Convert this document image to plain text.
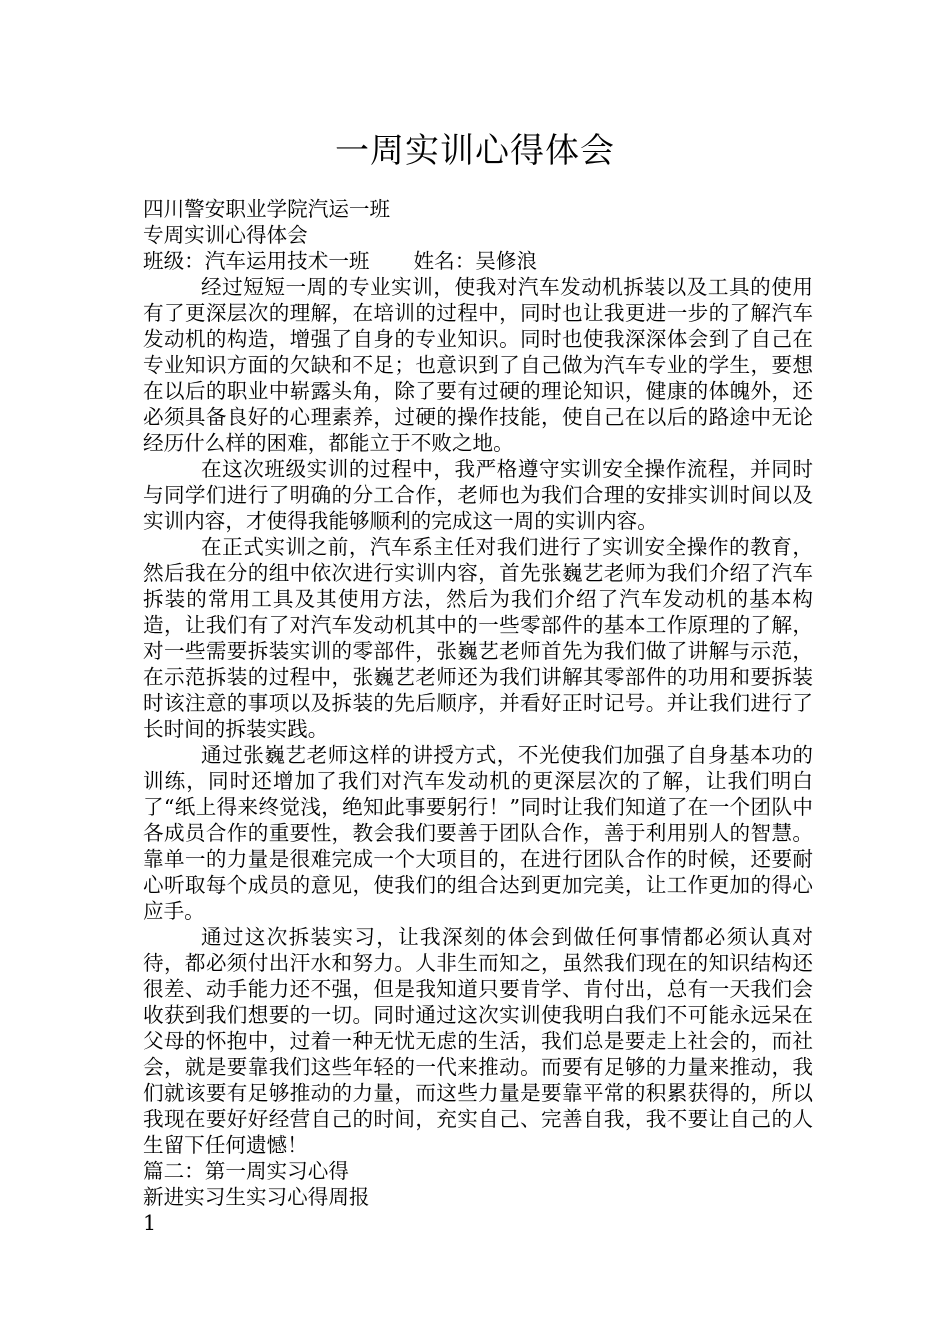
一周实训心得体会

四川警安职业学院汽运一班

专周实训心得体会

班级：汽车运用技术一班 姓名：吴修浪

经过短短一周的专业实训，使我对汽车发动机拆装以及工具的使用有了更深层次的理解，在培训的过程中，同时也让我更进一步的了解汽车发动机的构造，增强了自身的专业知识。同时也使我深深体会到了自己在专业知识方面的欠缺和不足；也意识到了自己做为汽车专业的学生，要想在以后的职业中崭露头角，除了要有过硬的理论知识，健康的体魄外，还必须具备良好的心理素养，过硬的操作技能，使自己在以后的路途中无论经历什么样的困难，都能立于不败之地。

在这次班级实训的过程中，我严格遵守实训安全操作流程，并同时与同学们进行了明确的分工合作，老师也为我们合理的安排实训时间以及实训内容，才使得我能够顺利的完成这一周的实训内容。

在正式实训之前，汽车系主任对我们进行了实训安全操作的教育，然后我在分的组中依次进行实训内容，首先张巍艺老师为我们介绍了汽车拆装的常用工具及其使用方法，然后为我们介绍了汽车发动机的基本构造，让我们有了对汽车发动机其中的一些零部件的基本工作原理的了解，对一些需要拆装实训的零部件，张巍艺老师首先为我们做了讲解与示范，在示范拆装的过程中，张巍艺老师还为我们讲解其零部件的功用和要拆装时该注意的事项以及拆装的先后顺序，并看好正时记号。并让我们进行了长时间的拆装实践。

通过张巍艺老师这样的讲授方式，不光使我们加强了自身基本功的训练，同时还增加了我们对汽车发动机的更深层次的了解，让我们明白了“纸上得来终觉浅，绝知此事要躬行！”同时让我们知道了在一个团队中各成员合作的重要性，教会我们要善于团队合作，善于利用别人的智慧。靠单一的力量是很难完成一个大项目的，在进行团队合作的时候，还要耐心听取每个成员的意见，使我们的组合达到更加完美，让工作更加的得心应手。

通过这次拆装实习，让我深刻的体会到做任何事情都必须认真对待，都必须付出汗水和努力。人非生而知之，虽然我们现在的知识结构还很差、动手能力还不强，但是我知道只要肯学、肯付出，总有一天我们会收获到我们想要的一切。同时通过这次实训使我明白我们不可能永远呆在父母的怀抱中，过着一种无忧无虑的生活，我们总是要走上社会的，而社会，就是要靠我们这些年轻的一代来推动。而要有足够的力量来推动，我们就该要有足够推动的力量，而这些力量是要靠平常的积累获得的，所以我现在要好好经营自己的时间，充实自己、完善自我，我不要让自己的人生留下任何遗憾！

篇二：第一周实习心得

新进实习生实习心得周报

1
